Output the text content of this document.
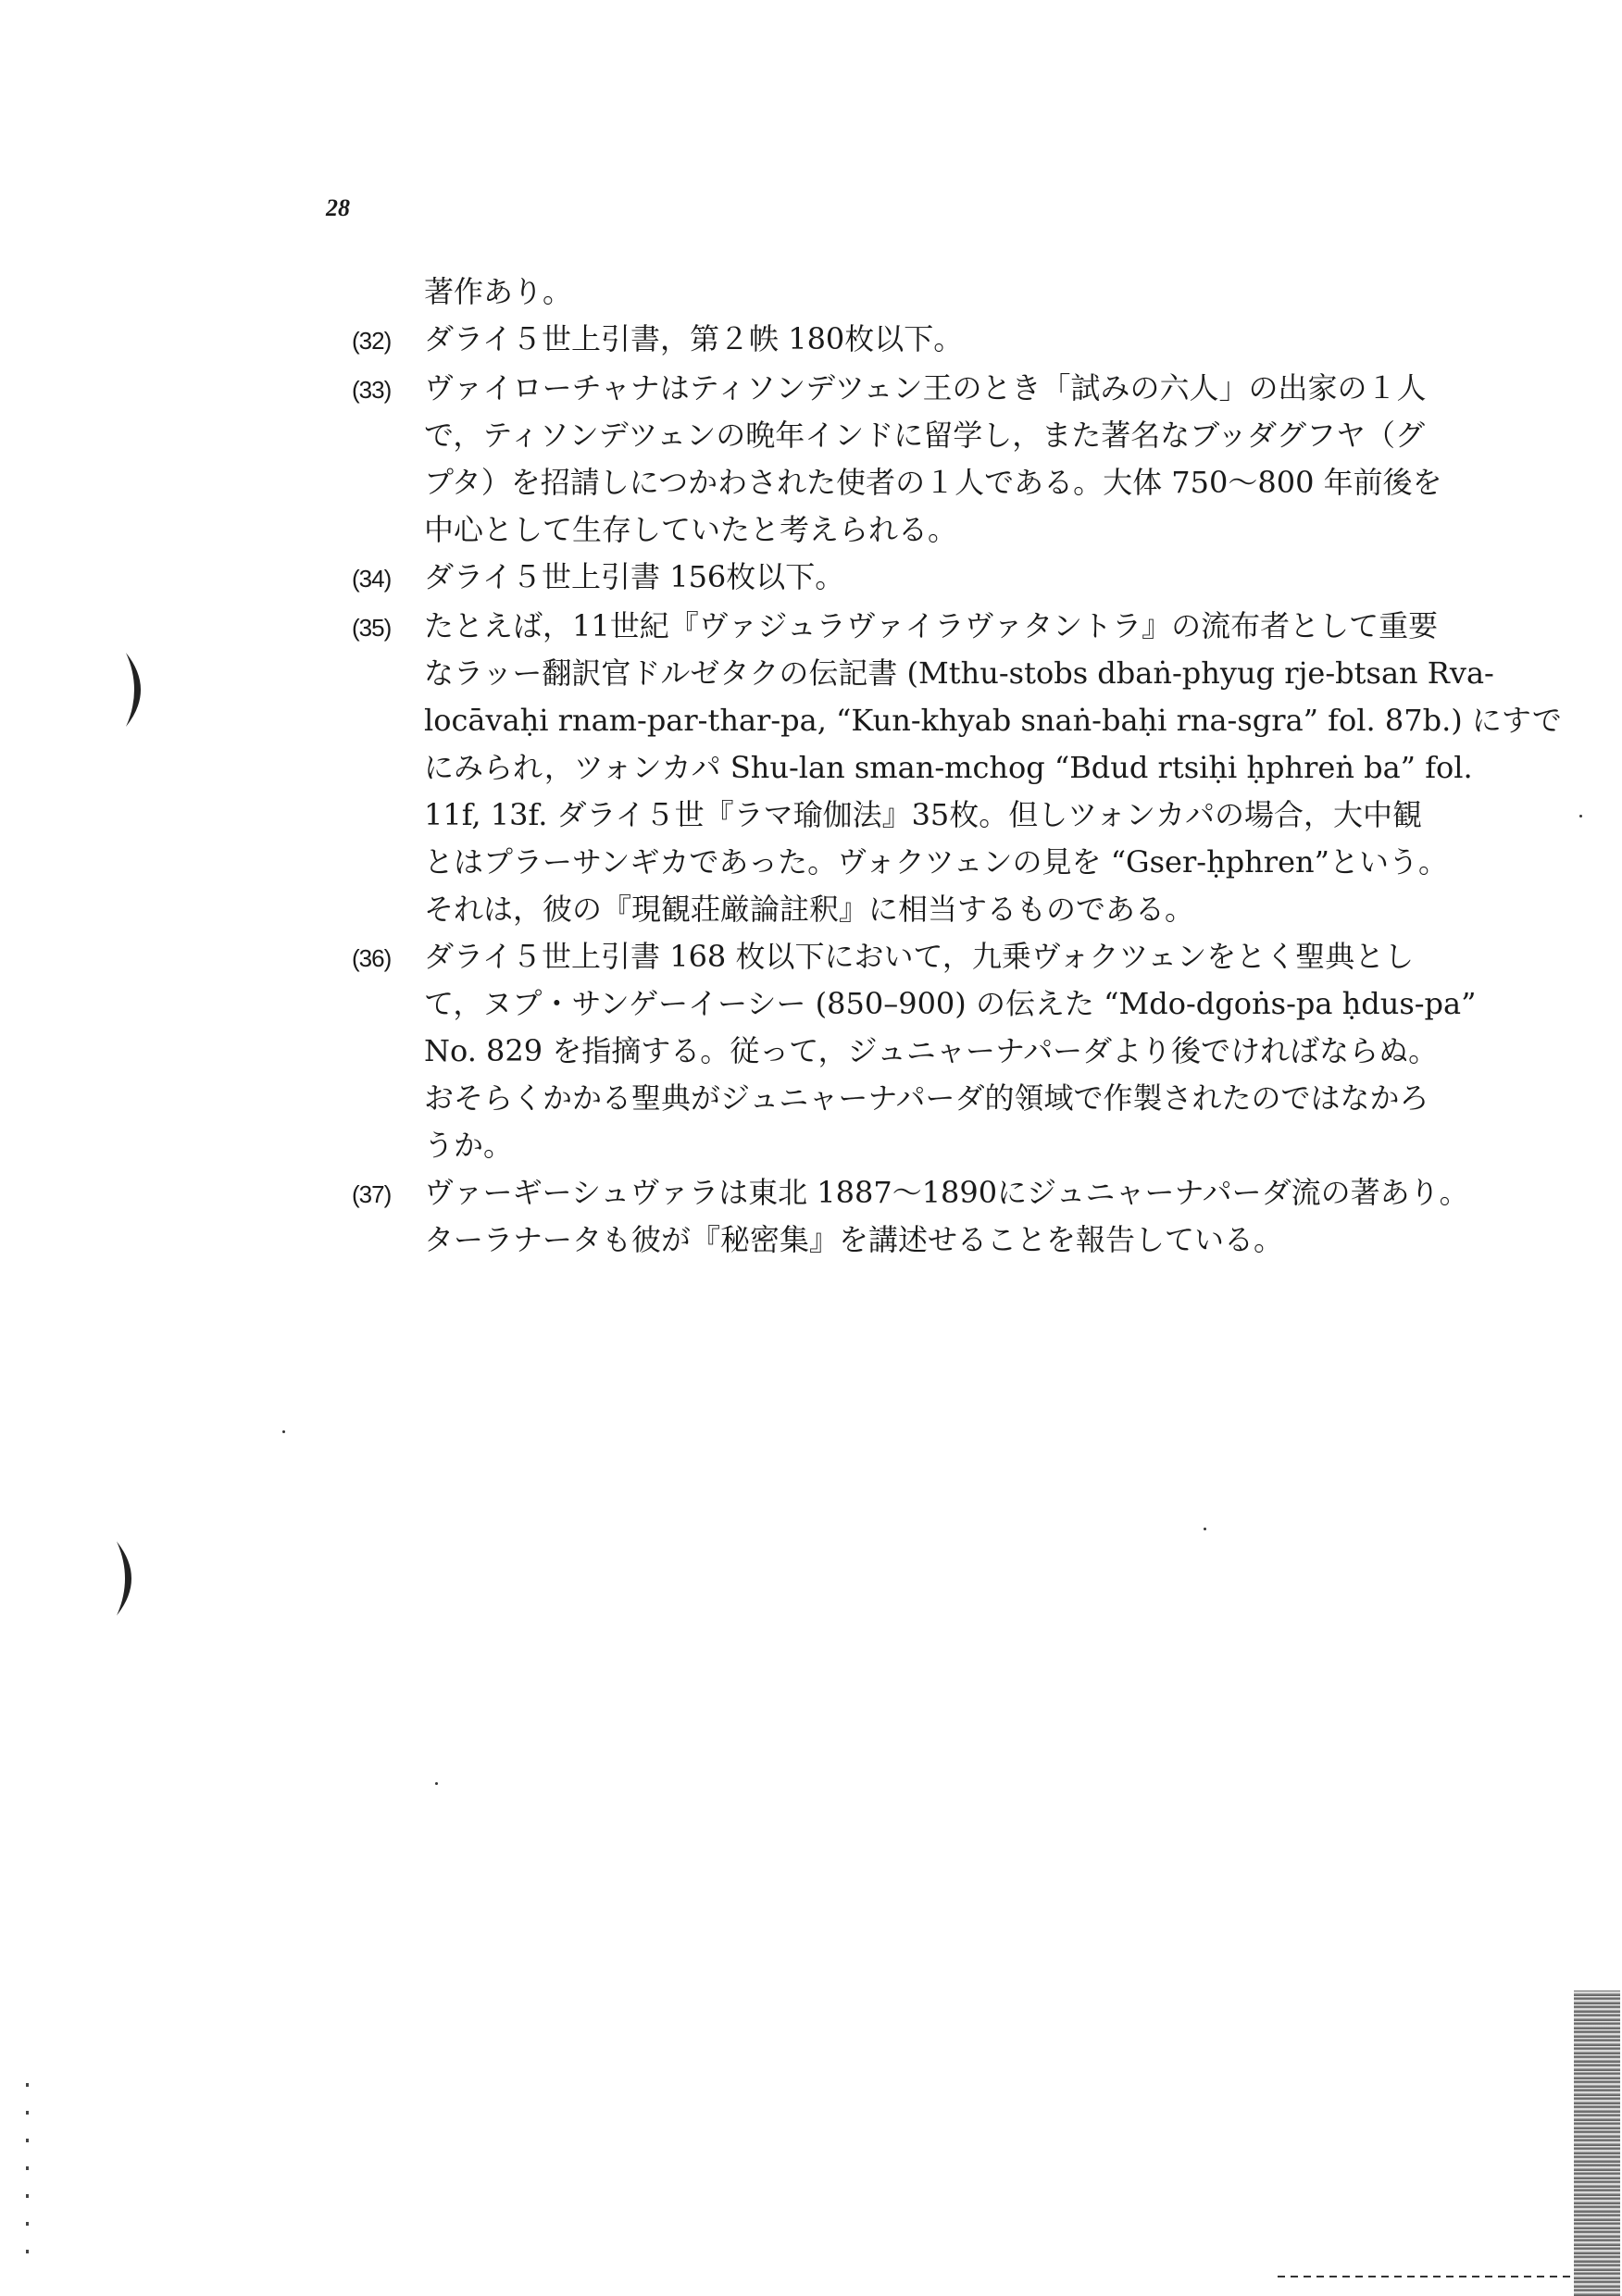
28
著作あり。
(32)	ダライ５世上引書，第２帙 180枚以下。
(33)	ヴァイローチャナはティソンデツェン王のとき「試みの六人」の出家の１人
で，ティソンデツェンの晩年インドに留学し，また著名なブッダグフヤ（グ
プタ）を招請しにつかわされた使者の１人である。大体 750～800 年前後を
中心として生存していたと考えられる。
(34)	ダライ５世上引書 156枚以下。
(35)	たとえば，11世紀『ヴァジュラヴァイラヴァタントラ』の流布者として重要
なラッー翻訳官ドルゼタクの伝記書 (Mthu-stobs dbaṅ-phyug rje-btsan Rva-
locāvaḥi rnam-par-thar-pa, “Kun-khyab snaṅ-baḥi rna-sgra” fol. 87b.) にすで
にみられ，ツォンカパ Shu-lan sman-mchog “Bdud rtsiḥi ḥphreṅ ba” fol.
11f, 13f. ダライ５世『ラマ瑜伽法』35枚。但しツォンカパの場合，大中観
とはプラーサンギカであった。ヴォクツェンの見を “Gser-ḥphren”という。
それは，彼の『現観荘厳論註釈』に相当するものである。
(36)	ダライ５世上引書 168 枚以下において，九乗ヴォクツェンをとく聖典とし
て，ヌプ・サンゲーイーシー (850–900) の伝えた “Mdo-dgoṅs-pa ḥdus-pa”
No. 829 を指摘する。従って，ジュニャーナパーダより後でければならぬ。
おそらくかかる聖典がジュニャーナパーダ的領域で作製されたのではなかろ
うか。
(37)	ヴァーギーシュヴァラは東北 1887～1890にジュニャーナパーダ流の著あり。
ターラナータも彼が『秘密集』を講述せることを報告している。
